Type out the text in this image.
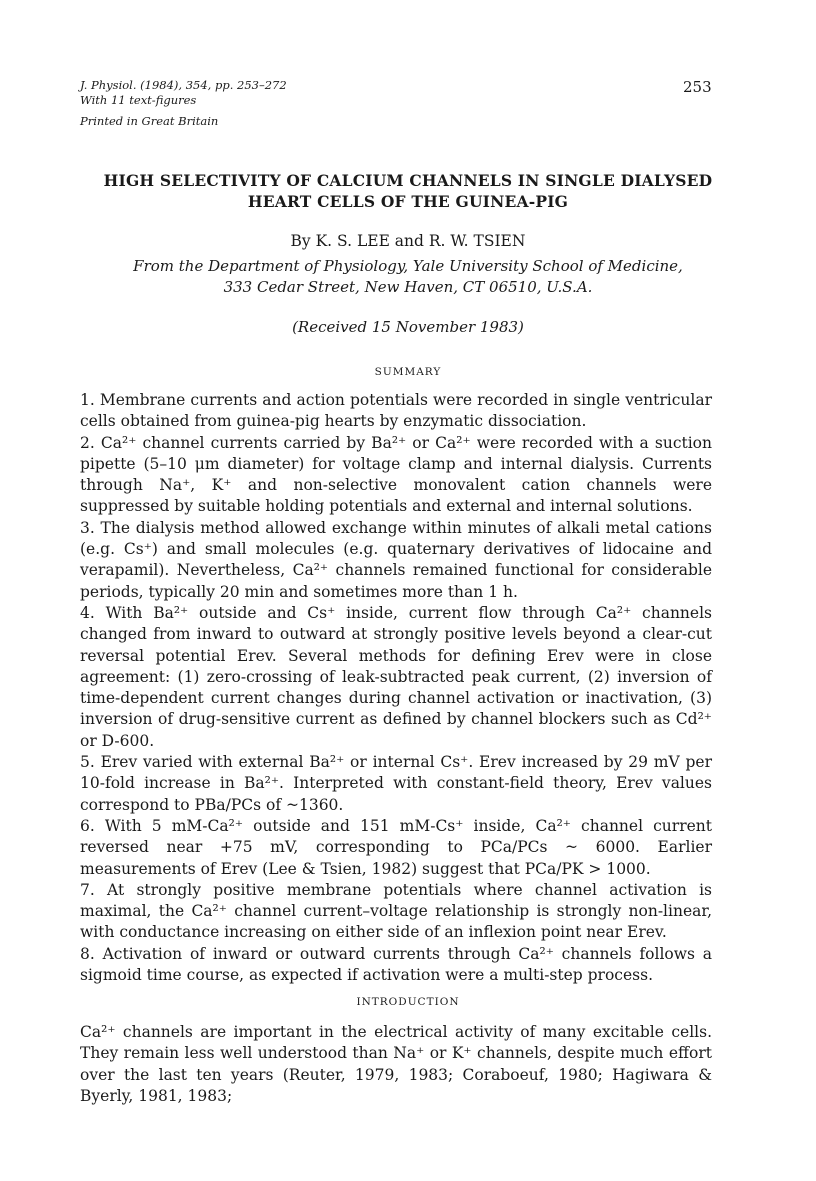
J. Physiol. (1984), 354, pp. 253–272
With 11 text-figures
Printed in Great Britain
253
HIGH SELECTIVITY OF CALCIUM CHANNELS IN SINGLE DIALYSED
HEART CELLS OF THE GUINEA-PIG
By K. S. LEE and R. W. TSIEN
From the Department of Physiology, Yale University School of Medicine,
333 Cedar Street, New Haven, CT 06510, U.S.A.
(Received 15 November 1983)
SUMMARY

1. Membrane currents and action potentials were recorded in single ventricular cells obtained from guinea-pig hearts by enzymatic dissociation.

2. Ca²⁺ channel currents carried by Ba²⁺ or Ca²⁺ were recorded with a suction pipette (5–10 μm diameter) for voltage clamp and internal dialysis. Currents through Na⁺, K⁺ and non-selective monovalent cation channels were suppressed by suitable holding potentials and external and internal solutions.

3. The dialysis method allowed exchange within minutes of alkali metal cations (e.g. Cs⁺) and small molecules (e.g. quaternary derivatives of lidocaine and verapamil). Nevertheless, Ca²⁺ channels remained functional for considerable periods, typically 20 min and sometimes more than 1 h.

4. With Ba²⁺ outside and Cs⁺ inside, current flow through Ca²⁺ channels changed from inward to outward at strongly positive levels beyond a clear-cut reversal potential Erev. Several methods for defining Erev were in close agreement: (1) zero-crossing of leak-subtracted peak current, (2) inversion of time-dependent current changes during channel activation or inactivation, (3) inversion of drug-sensitive current as defined by channel blockers such as Cd²⁺ or D-600.

5. Erev varied with external Ba²⁺ or internal Cs⁺. Erev increased by 29 mV per 10-fold increase in Ba²⁺. Interpreted with constant-field theory, Erev values correspond to PBa/PCs of ~1360.

6. With 5 mM-Ca²⁺ outside and 151 mM-Cs⁺ inside, Ca²⁺ channel current reversed near +75 mV, corresponding to PCa/PCs ~ 6000. Earlier measurements of Erev (Lee & Tsien, 1982) suggest that PCa/PK > 1000.

7. At strongly positive membrane potentials where channel activation is maximal, the Ca²⁺ channel current–voltage relationship is strongly non-linear, with conductance increasing on either side of an inflexion point near Erev.

8. Activation of inward or outward currents through Ca²⁺ channels follows a sigmoid time course, as expected if activation were a multi-step process.

INTRODUCTION
Ca²⁺ channels are important in the electrical activity of many excitable cells. They remain less well understood than Na⁺ or K⁺ channels, despite much effort over the last ten years (Reuter, 1979, 1983; Coraboeuf, 1980; Hagiwara & Byerly, 1981, 1983;
